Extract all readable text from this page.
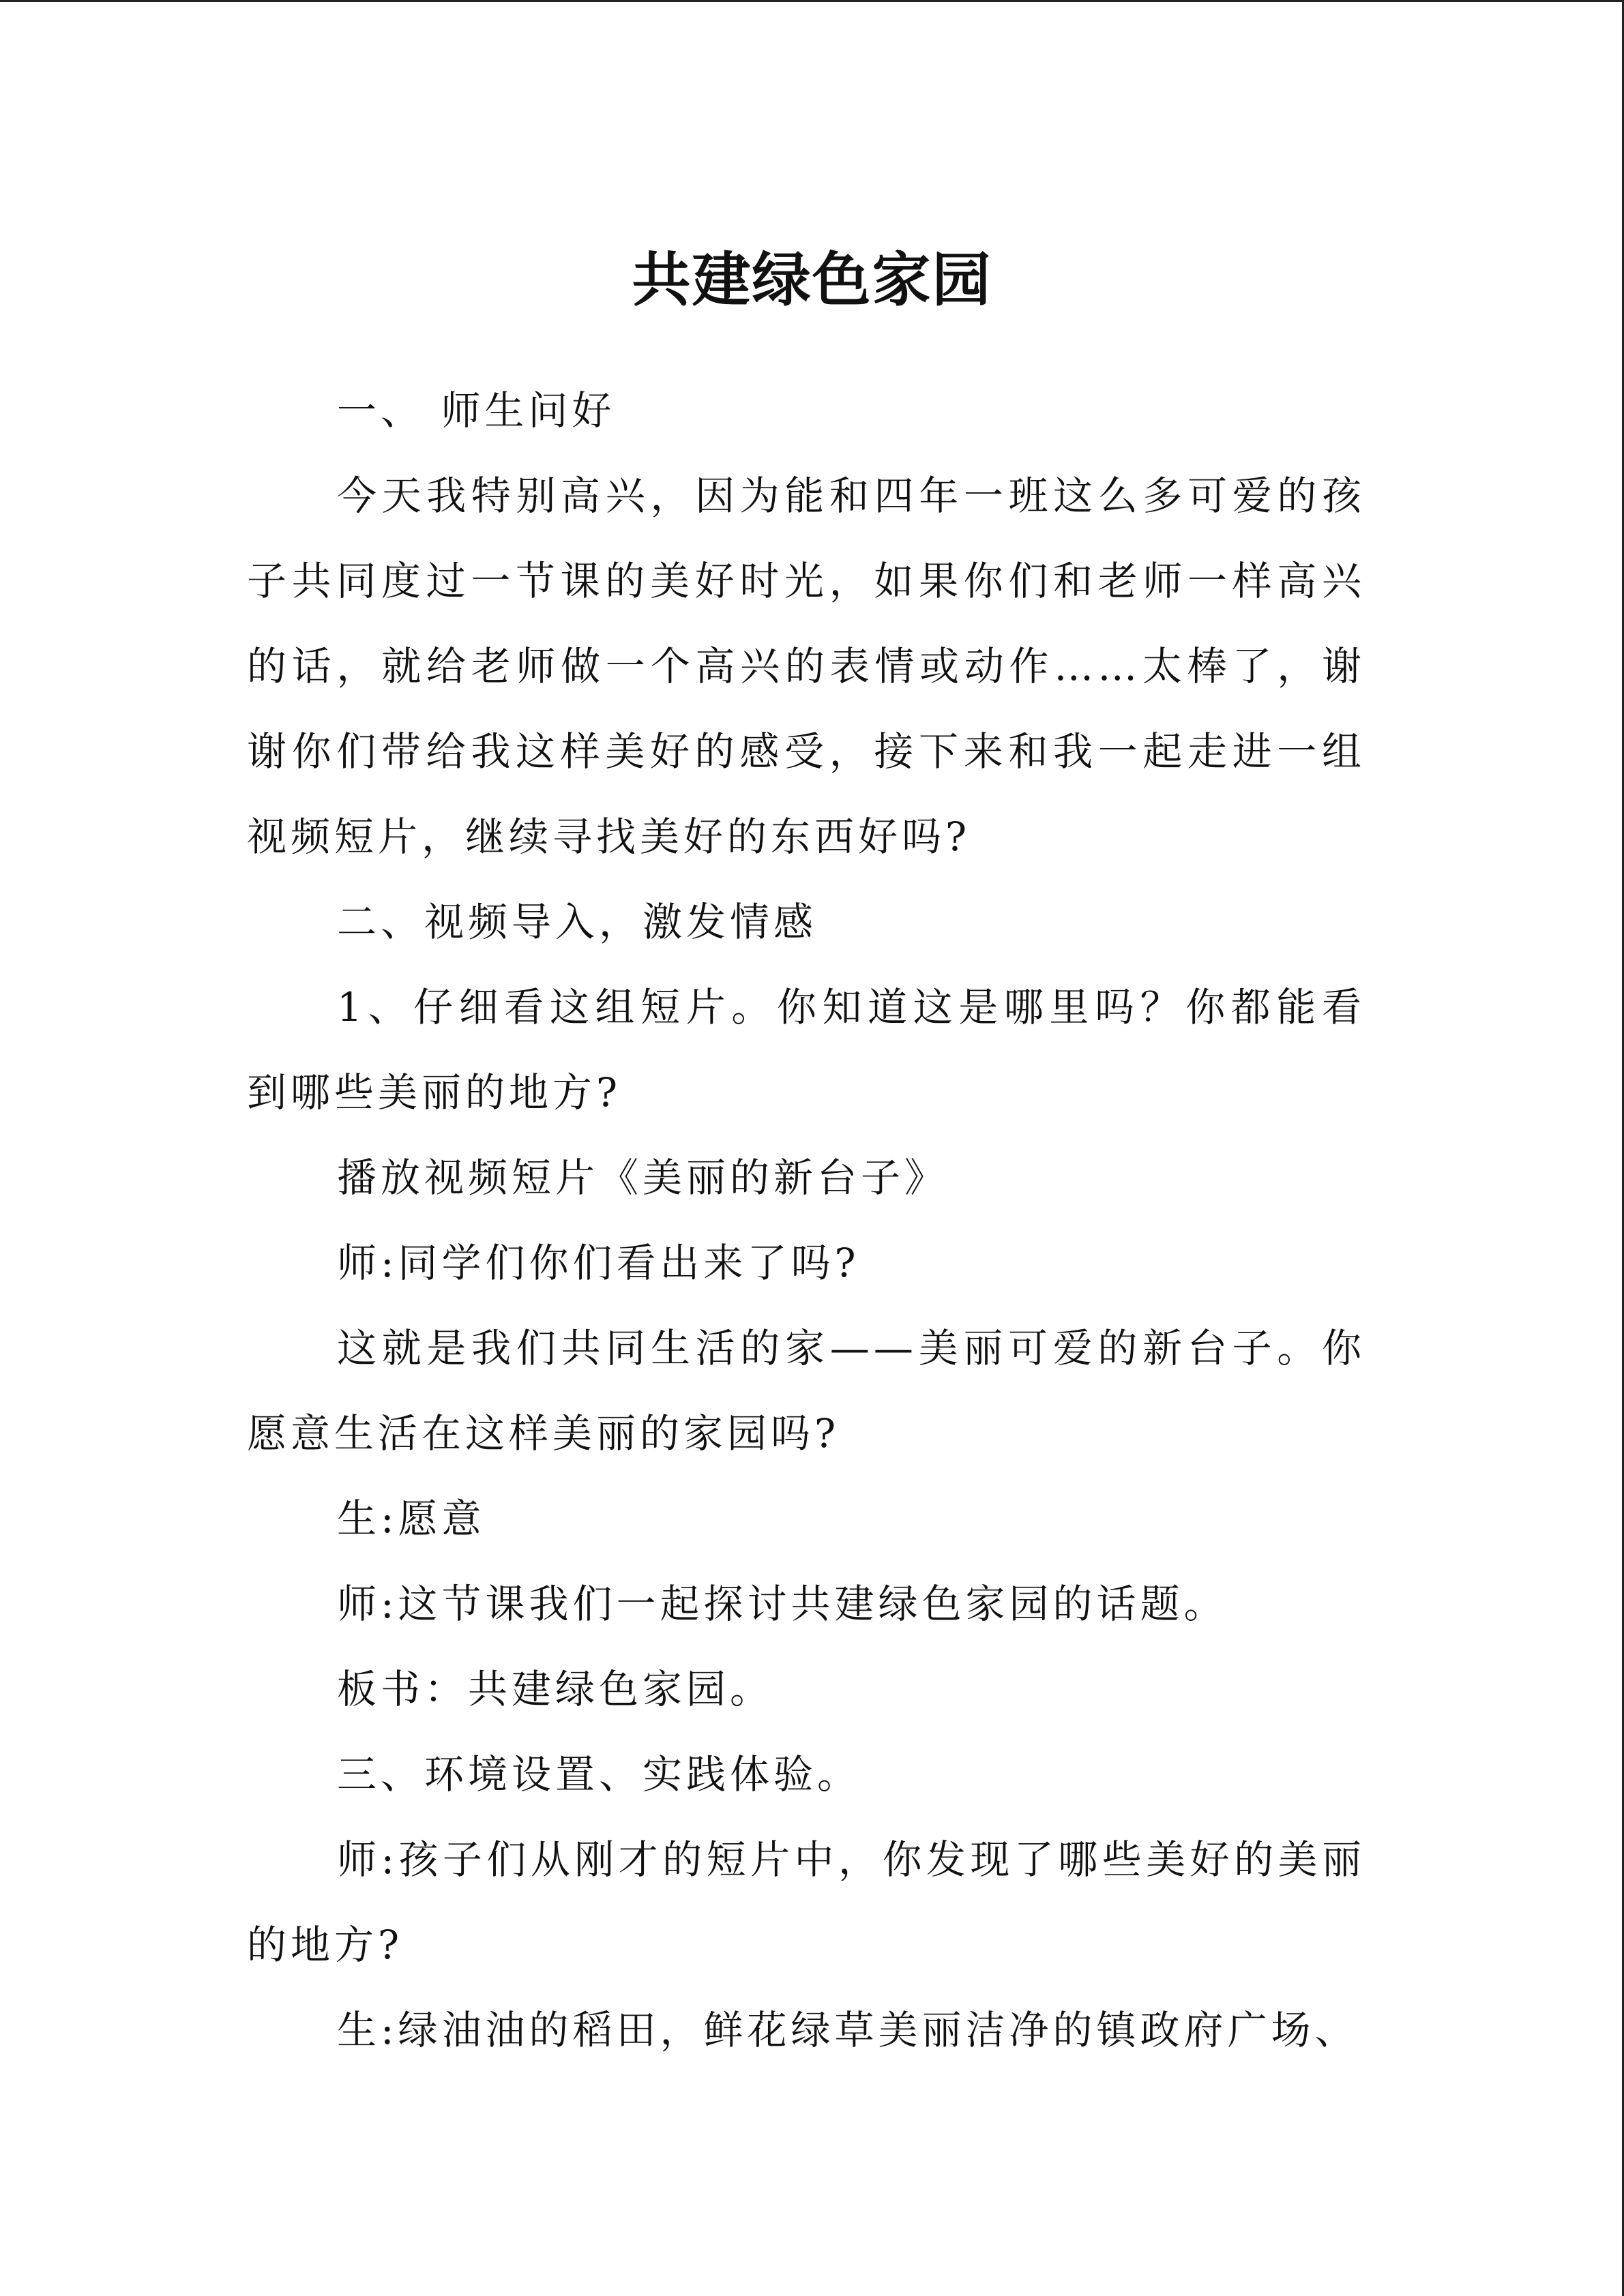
共建绿色家园

一、 师生问好

今天我特别高兴，因为能和四年一班这么多可爱的孩子共同度过一节课的美好时光，如果你们和老师一样高兴的话，就给老师做一个高兴的表情或动作……太棒了，谢谢你们带给我这样美好的感受，接下来和我一起走进一组视频短片，继续寻找美好的东西好吗?

二、视频导入，激发情感

1、仔细看这组短片。你知道这是哪里吗？你都能看到哪些美丽的地方?

播放视频短片《美丽的新台子》

师:同学们你们看出来了吗?

这就是我们共同生活的家——美丽可爱的新台子。你愿意生活在这样美丽的家园吗?

生:愿意

师:这节课我们一起探讨共建绿色家园的话题。

板书：共建绿色家园。

三、环境设置、实践体验。

师:孩子们从刚才的短片中，你发现了哪些美好的美丽的地方?

生:绿油油的稻田，鲜花绿草美丽洁净的镇政府广场、
